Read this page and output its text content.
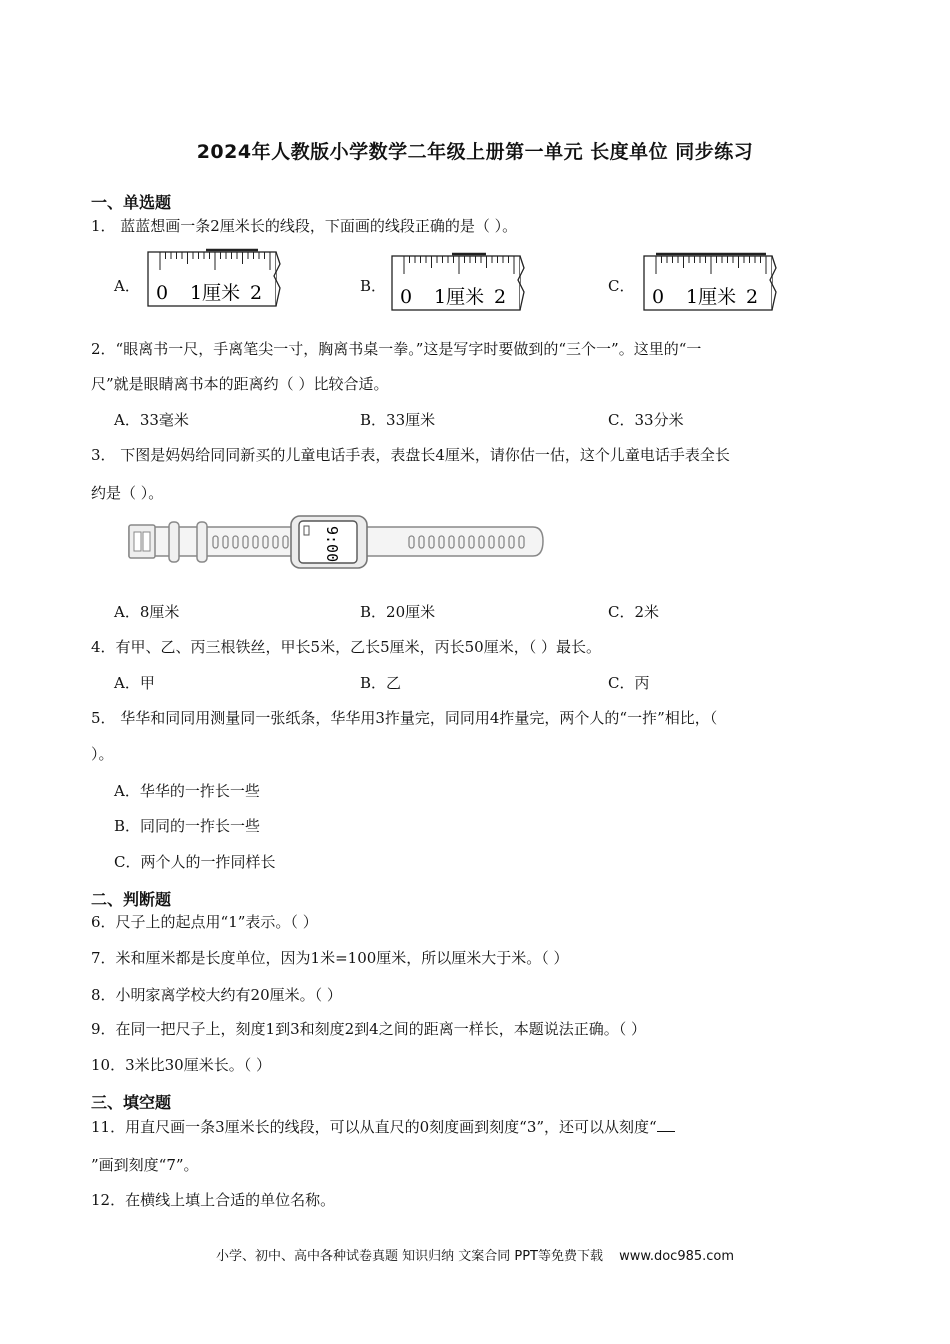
2024年人教版小学数学二年级上册第一单元 长度单位 同步练习
一、单选题
1． 蓝蓝想画一条2厘米长的线段，下面画的线段正确的是（ ）。
A．	B．	C．
0 1厘米 2	0 1厘米 2	0 1厘米 2
2．“眼离书一尺，手离笔尖一寸，胸离书桌一拳。”这是写字时要做到的“三个一”。这里的“一
尺”就是眼睛离书本的距离约（ ）比较合适。
A．33毫米	B．33厘米	C．33分米
3． 下图是妈妈给同同新买的儿童电话手表，表盘长4厘米，请你估一估，这个儿童电话手表全长
约是（ ）。
9:00
A．8厘米	B．20厘米	C．2米
4．有甲、乙、丙三根铁丝，甲长5米，乙长5厘米，丙长50厘米，（ ）最长。
A．甲	B．乙	C．丙
5． 华华和同同用测量同一张纸条，华华用3拃量完，同同用4拃量完，两个人的“一拃”相比，（
）。
A．华华的一拃长一些
B．同同的一拃长一些
C．两个人的一拃同样长
二、判断题
6．尺子上的起点用“1”表示。（ ）
7．米和厘米都是长度单位，因为1米=100厘米，所以厘米大于米。（ ）
8．小明家离学校大约有20厘米。（ ）
9．在同一把尺子上，刻度1到3和刻度2到4之间的距离一样长，本题说法正确。（ ）
10．3米比30厘米长。（ ）
三、填空题
11．用直尺画一条3厘米长的线段，可以从直尺的0刻度画到刻度“3”，还可以从刻度“
”画到刻度“7”。
12．在横线上填上合适的单位名称。
小学、初中、高中各种试卷真题 知识归纳 文案合同 PPT等免费下载 www.doc985.com
